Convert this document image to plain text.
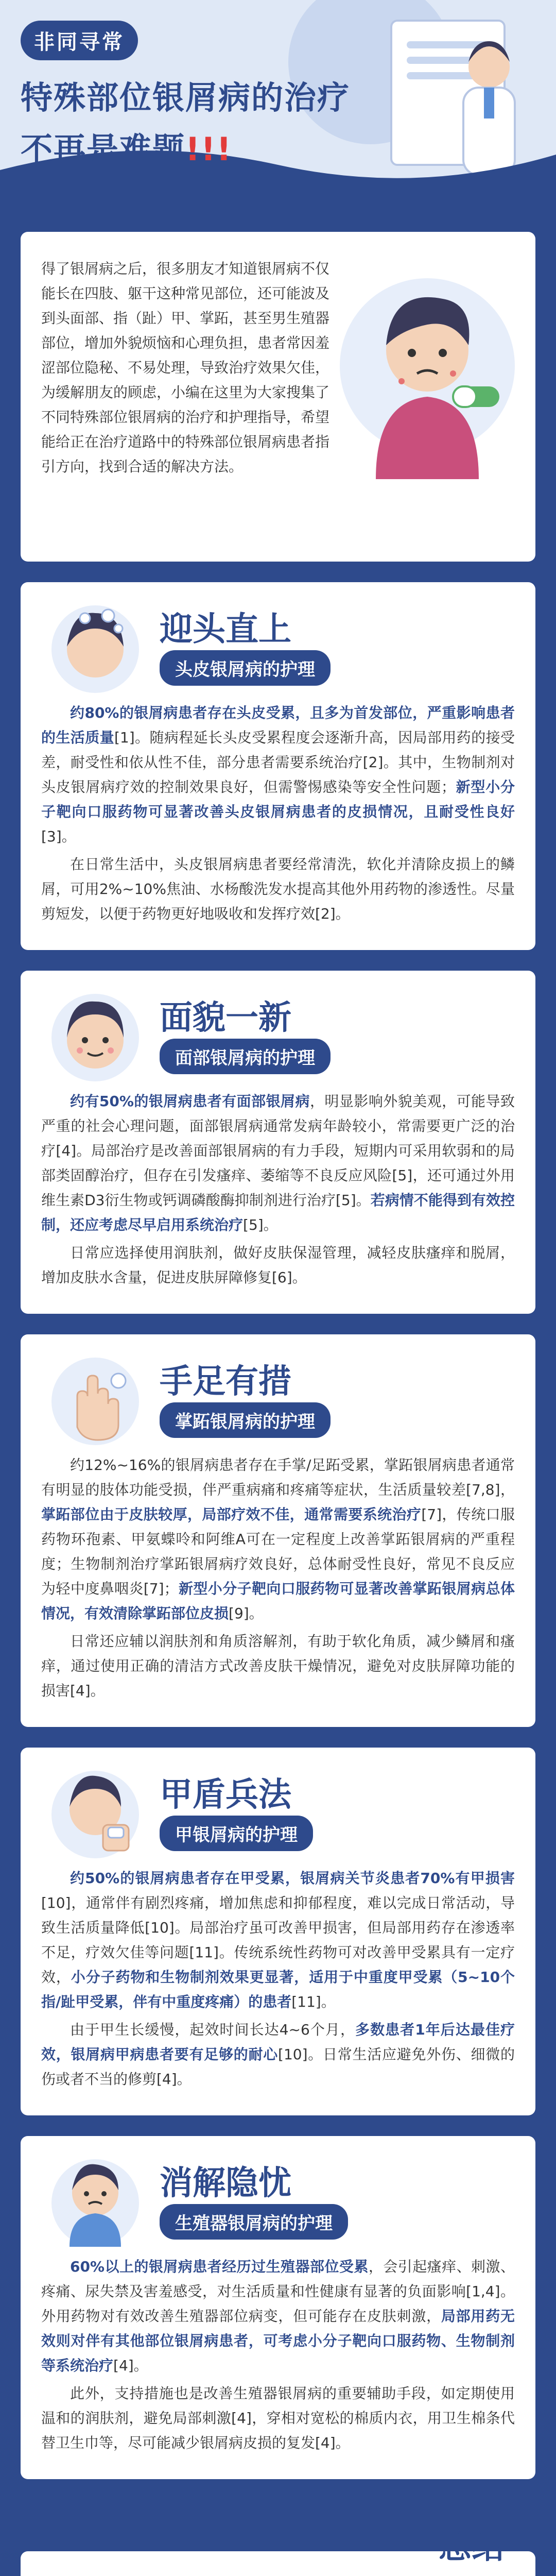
非同寻常
特殊部位银屑病的治疗
不再是难题!!!

得了银屑病之后，很多朋友才知道银屑病不仅能长在四肢、躯干这种常见部位，还可能波及到头面部、指（趾）甲、掌跖，甚至男生殖器部位，增加外貌烦恼和心理负担，患者常因羞涩部位隐秘、不易处理，导致治疗效果欠佳，为缓解朋友的顾虑，小编在这里为大家搜集了不同特殊部位银屑病的治疗和护理指导，希望能给正在治疗道路中的特殊部位银屑病患者指引方向，找到合适的解决方法。

迎头直上
头皮银屑病的护理

约80%的银屑病患者存在头皮受累，且多为首发部位，严重影响患者的生活质量[1]。随病程延长头皮受累程度会逐渐升高，因局部用药的接受差，耐受性和依从性不佳，部分患者需要系统治疗[2]。其中，生物制剂对头皮银屑病疗效的控制效果良好，但需警惕感染等安全性问题；新型小分子靶向口服药物可显著改善头皮银屑病患者的皮损情况，且耐受性良好[3]。

在日常生活中，头皮银屑病患者要经常清洗，软化并清除皮损上的鳞屑，可用2%~10%焦油、水杨酸洗发水提高其他外用药物的渗透性。尽量剪短发，以便于药物更好地吸收和发挥疗效[2]。

面貌一新
面部银屑病的护理

约有50%的银屑病患者有面部银屑病，明显影响外貌美观，可能导致严重的社会心理问题，面部银屑病通常发病年龄较小，常需要更广泛的治疗[4]。局部治疗是改善面部银屑病的有力手段，短期内可采用软弱和的局部类固醇治疗，但存在引发瘙痒、萎缩等不良反应风险[5]，还可通过外用维生素D3衍生物或钙调磷酸酶抑制剂进行治疗[5]。若病情不能得到有效控制，还应考虑尽早启用系统治疗[5]。

日常应选择使用润肤剂，做好皮肤保湿管理，减轻皮肤瘙痒和脱屑，增加皮肤水含量，促进皮肤屏障修复[6]。

手足有措
掌跖银屑病的护理

约12%~16%的银屑病患者存在手掌/足跖受累，掌跖银屑病患者通常有明显的肢体功能受损，伴严重病痛和疼痛等症状，生活质量较差[7,8]，掌跖部位由于皮肤较厚，局部疗效不佳，通常需要系统治疗[7]，传统口服药物环孢素、甲氨蝶呤和阿维A可在一定程度上改善掌跖银屑病的严重程度；生物制剂治疗掌跖银屑病疗效良好，总体耐受性良好，常见不良反应为轻中度鼻咽炎[7]；新型小分子靶向口服药物可显著改善掌跖银屑病总体情况，有效清除掌跖部位皮损[9]。

日常还应辅以润肤剂和角质溶解剂，有助于软化角质，减少鳞屑和瘙痒，通过使用正确的清洁方式改善皮肤干燥情况，避免对皮肤屏障功能的损害[4]。

甲盾兵法
甲银屑病的护理

约50%的银屑病患者存在甲受累，银屑病关节炎患者70%有甲损害[10]，通常伴有剧烈疼痛，增加焦虑和抑郁程度，难以完成日常活动，导致生活质量降低[10]。局部治疗虽可改善甲损害，但局部用药存在渗透率不足，疗效欠佳等问题[11]。传统系统性药物可对改善甲受累具有一定疗效，小分子药物和生物制剂效果更显著，适用于中重度甲受累（5~10个指/趾甲受累，伴有中重度疼痛）的患者[11]。

由于甲生长缓慢，起效时间长达4~6个月，多数患者1年后达最佳疗效，银屑病甲病患者要有足够的耐心[10]。日常生活应避免外伤、细微的伤或者不当的修剪[4]。

消解隐忧
生殖器银屑病的护理

60%以上的银屑病患者经历过生殖器部位受累，会引起瘙痒、刺激、疼痛、尿失禁及害羞感受，对生活质量和性健康有显著的负面影响[1,4]。外用药物对有效改善生殖器部位病变，但可能存在皮肤刺激，局部用药无效则对伴有其他部位银屑病患者，可考虑小分子靶向口服药物、生物制剂等系统治疗[4]。

此外，支持措施也是改善生殖器银屑病的重要辅助手段，如定期使用温和的润肤剂，避免局部刺激[4]，穿相对宽松的棉质内衣，用卫生棉条代替卫生巾等，尽可能减少银屑病皮损的复发[4]。

总结
